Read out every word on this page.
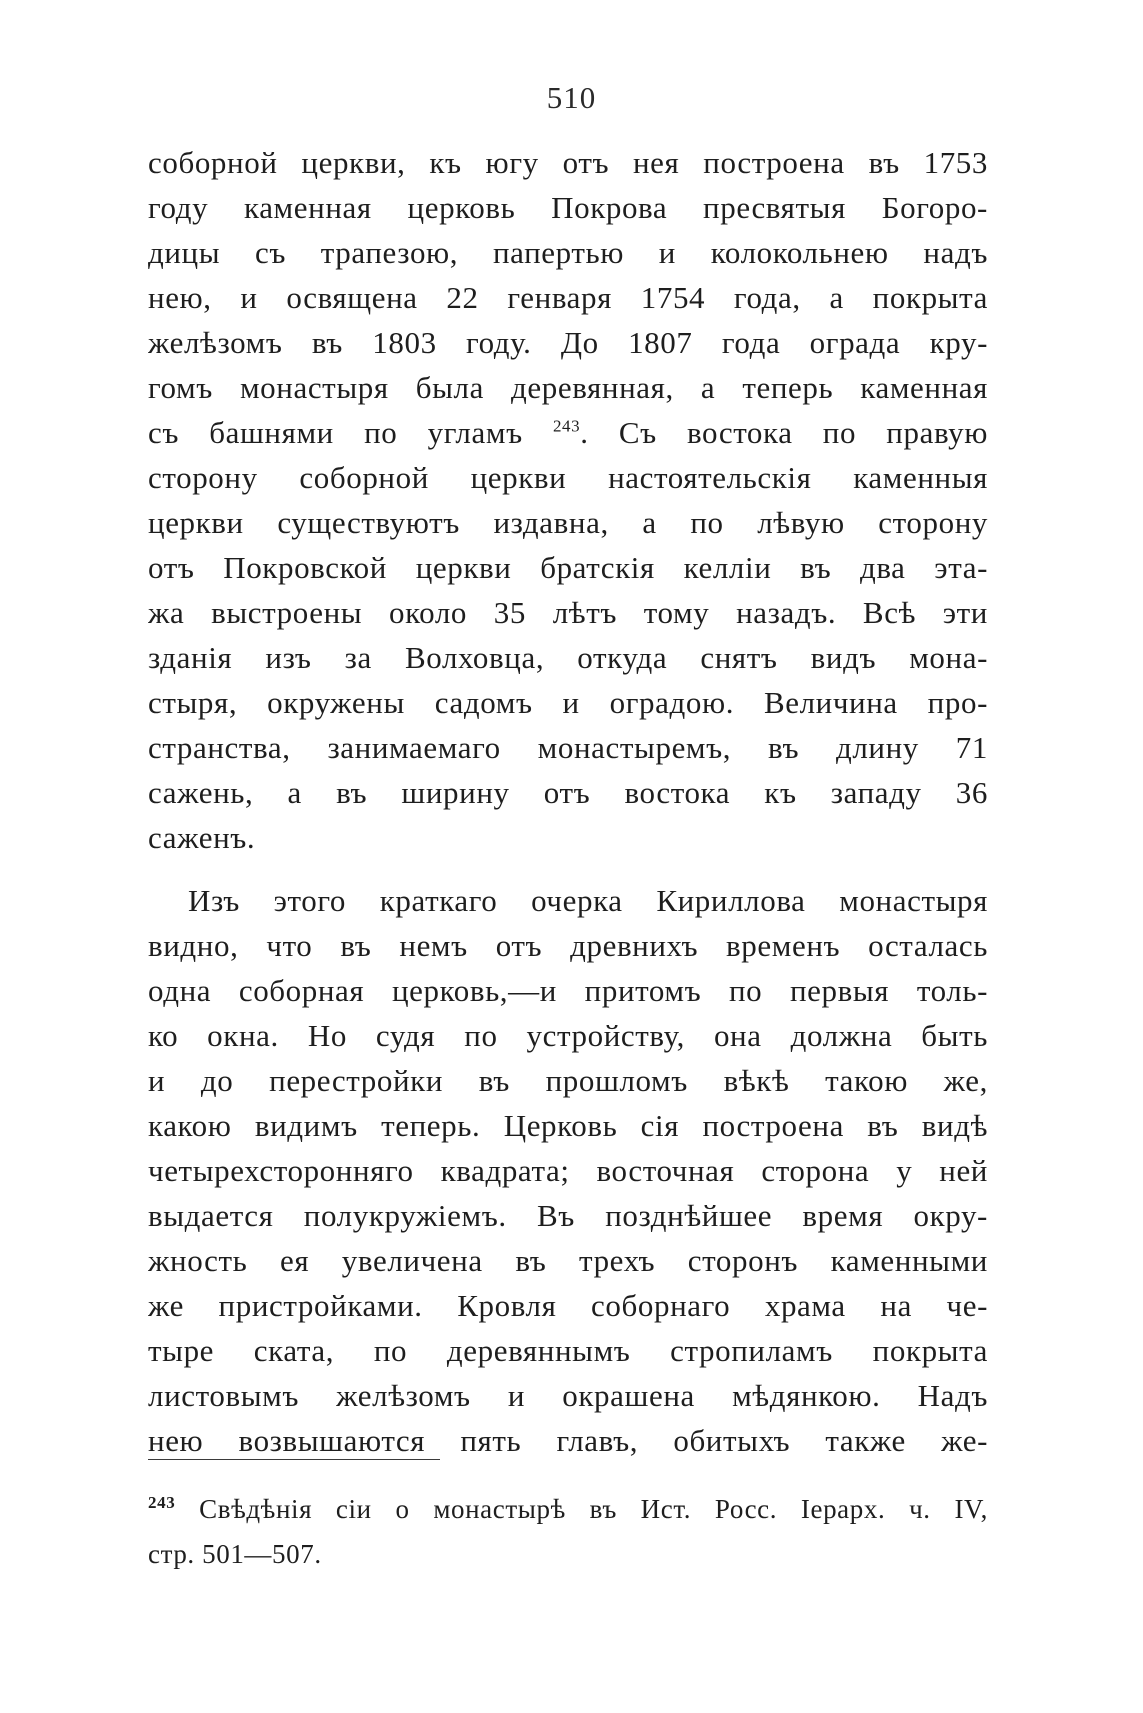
510
соборной церкви, къ югу отъ нея построена въ 1753
году каменная церковь Покрова пресвятыя Богоро-
дицы съ трапезою, папертью и колокольнею надъ
нею, и освящена 22 генваря 1754 года, а покрыта
желѣзомъ въ 1803 году. До 1807 года ограда кру-
гомъ монастыря была деревянная, а теперь каменная
съ башнями по угламъ $^{243}$. Съ востока по правую
сторону соборной церкви настоятельскія каменныя
церкви существуютъ издавна, а по лѣвую сторону
отъ Покровской церкви братскія келліи въ два эта-
жа выстроены около 35 лѣтъ тому назадъ. Всѣ эти
зданія изъ за Волховца, откуда снятъ видъ мона-
стыря, окружены садомъ и оградою. Величина про-
странства, занимаемаго монастыремъ, въ длину 71
сажень, а въ ширину отъ востока къ западу 36
саженъ.
Изъ этого краткаго очерка Кириллова монастыря
видно, что въ немъ отъ древнихъ временъ осталась
одна соборная церковь,—и притомъ по первыя толь-
ко окна. Но судя по устройству, она должна быть
и до перестройки въ прошломъ вѣкѣ такою же,
какою видимъ теперь. Церковь сія построена въ видѣ
четырехсторонняго квадрата; восточная сторона у ней
выдается полукружіемъ. Въ позднѣйшее время окру-
жность ея увеличена въ трехъ сторонъ каменными
же пристройками. Кровля соборнаго храма на че-
тыре ската, по деревяннымъ стропиламъ покрыта
листовымъ желѣзомъ и окрашена мѣдянкою. Надъ
нею возвышаются пять главъ, обитыхъ также же-
$^{243}$ Свѣдѣнія сіи о монастырѣ въ Ист. Росс. Іерарх. ч. IV,
стр. 501—507.
